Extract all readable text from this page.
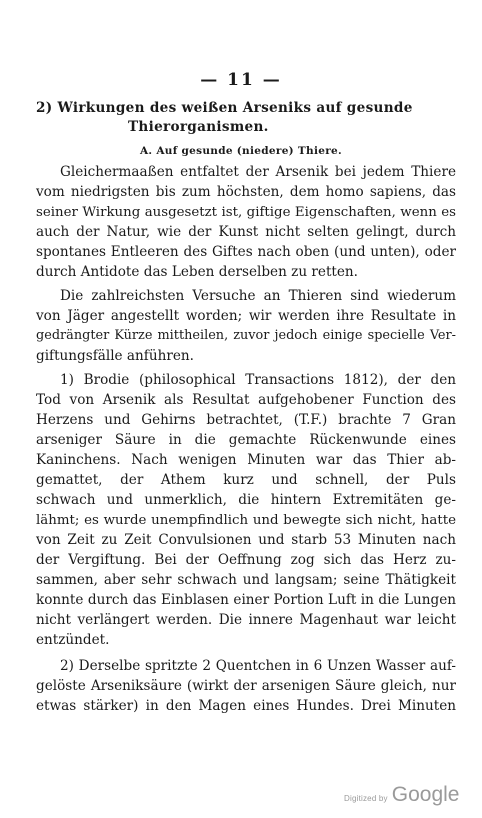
— 11 —
2) Wirkungen des weißen Arseniks auf gesunde
Thierorganismen.
A. Auf gesunde (niedere) Thiere.
Gleichermaaßen entfaltet der Arsenik bei jedem Thiere
vom niedrigsten bis zum höchsten, dem homo sapiens, das
seiner Wirkung ausgesetzt ist, giftige Eigenschaften, wenn es
auch der Natur, wie der Kunst nicht selten gelingt, durch
spontanes Entleeren des Giftes nach oben (und unten), oder
durch Antidote das Leben derselben zu retten.
Die zahlreichsten Versuche an Thieren sind wiederum
von Jäger angestellt worden; wir werden ihre Resultate in
gedrängter Kürze mittheilen, zuvor jedoch einige specielle Ver-
giftungsfälle anführen.
1) Brodie (philosophical Transactions 1812), der den
Tod von Arsenik als Resultat aufgehobener Function des
Herzens und Gehirns betrachtet, (T.F.) brachte 7 Gran
arseniger Säure in die gemachte Rückenwunde eines
Kaninchens. Nach wenigen Minuten war das Thier ab-
gemattet, der Athem kurz und schnell, der Puls
schwach und unmerklich, die hintern Extremitäten ge-
lähmt; es wurde unempfindlich und bewegte sich nicht, hatte
von Zeit zu Zeit Convulsionen und starb 53 Minuten nach
der Vergiftung. Bei der Oeffnung zog sich das Herz zu-
sammen, aber sehr schwach und langsam; seine Thätigkeit
konnte durch das Einblasen einer Portion Luft in die Lungen
nicht verlängert werden. Die innere Magenhaut war leicht
entzündet.
2) Derselbe spritzte 2 Quentchen in 6 Unzen Wasser auf-
gelöste Arseniksäure (wirkt der arsenigen Säure gleich, nur
etwas stärker) in den Magen eines Hundes. Drei Minuten
Digitized by Google
